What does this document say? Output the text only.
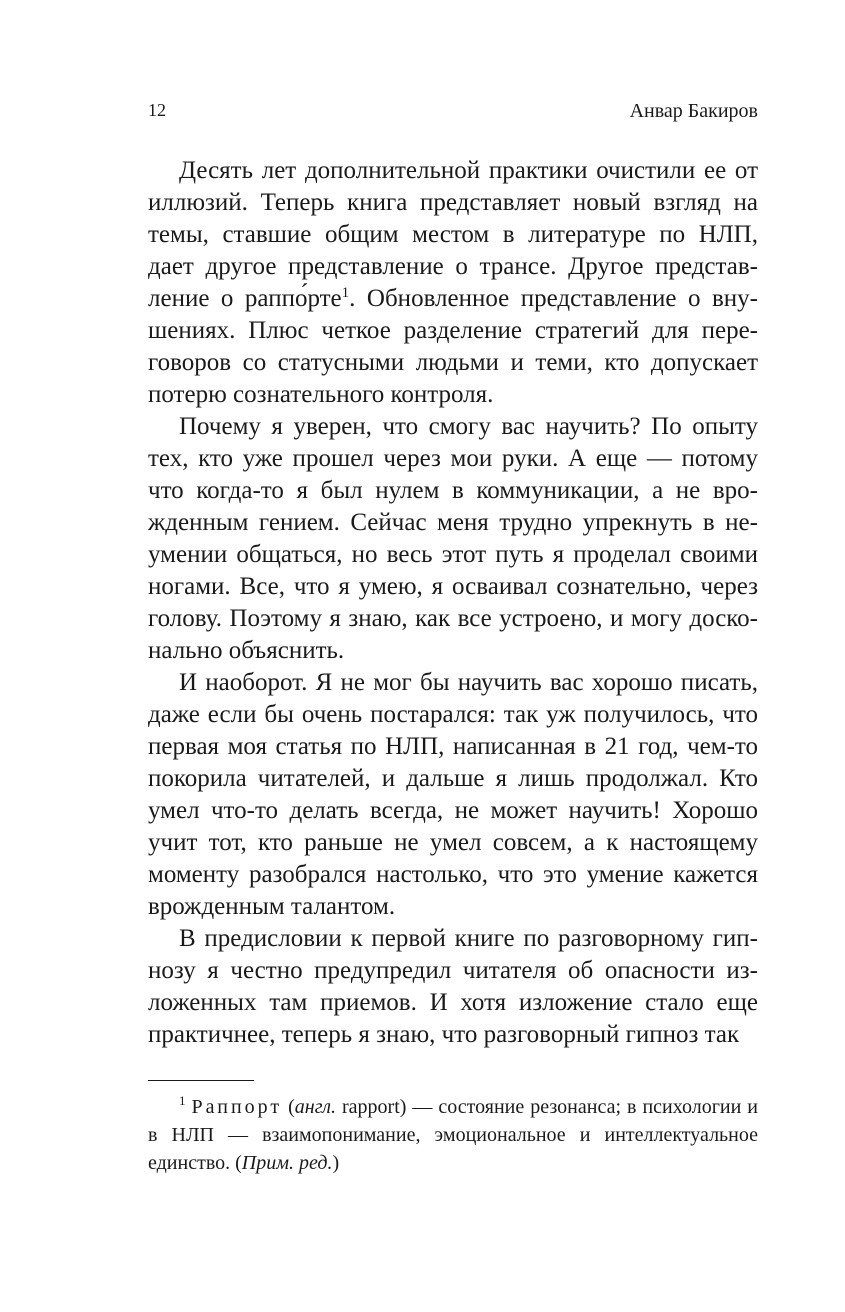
12	Анвар Бакиров

Десять лет дополнительной практики очистили ее от иллюзий. Теперь книга представляет новый взгляд на темы, ставшие общим местом в литературе по НЛП, дает другое представление о трансе. Другое представление о раппо́рте$^1$. Обновленное представление о внушениях. Плюс четкое разделение стратегий для переговоров со статусными людьми и теми, кто допускает потерю сознательного контроля.

Почему я уверен, что смогу вас научить? По опыту тех, кто уже прошел через мои руки. А еще — потому что когда-то я был нулем в коммуникации, а не врожденным гением. Сейчас меня трудно упрекнуть в неумении общаться, но весь этот путь я проделал своими ногами. Все, что я умею, я осваивал сознательно, через голову. Поэтому я знаю, как все устроено, и могу досконально объяснить.

И наоборот. Я не мог бы научить вас хорошо писать, даже если бы очень постарался: так уж получилось, что первая моя статья по НЛП, написанная в 21 год, чем-то покорила читателей, и дальше я лишь продолжал. Кто умел что-то делать всегда, не может научить! Хорошо учит тот, кто раньше не умел совсем, а к настоящему моменту разобрался настолько, что это умение кажется врожденным талантом.

В предисловии к первой книге по разговорному гипнозу я честно предупредил читателя об опасности изложенных там приемов. И хотя изложение стало еще практичнее, теперь я знаю, что разговорный гипноз так

$^1$ Раппорт (англ. rapport) — состояние резонанса; в психологии и в НЛП — взаимопонимание, эмоциональное и интеллектуальное единство. (Прим. ред.)
